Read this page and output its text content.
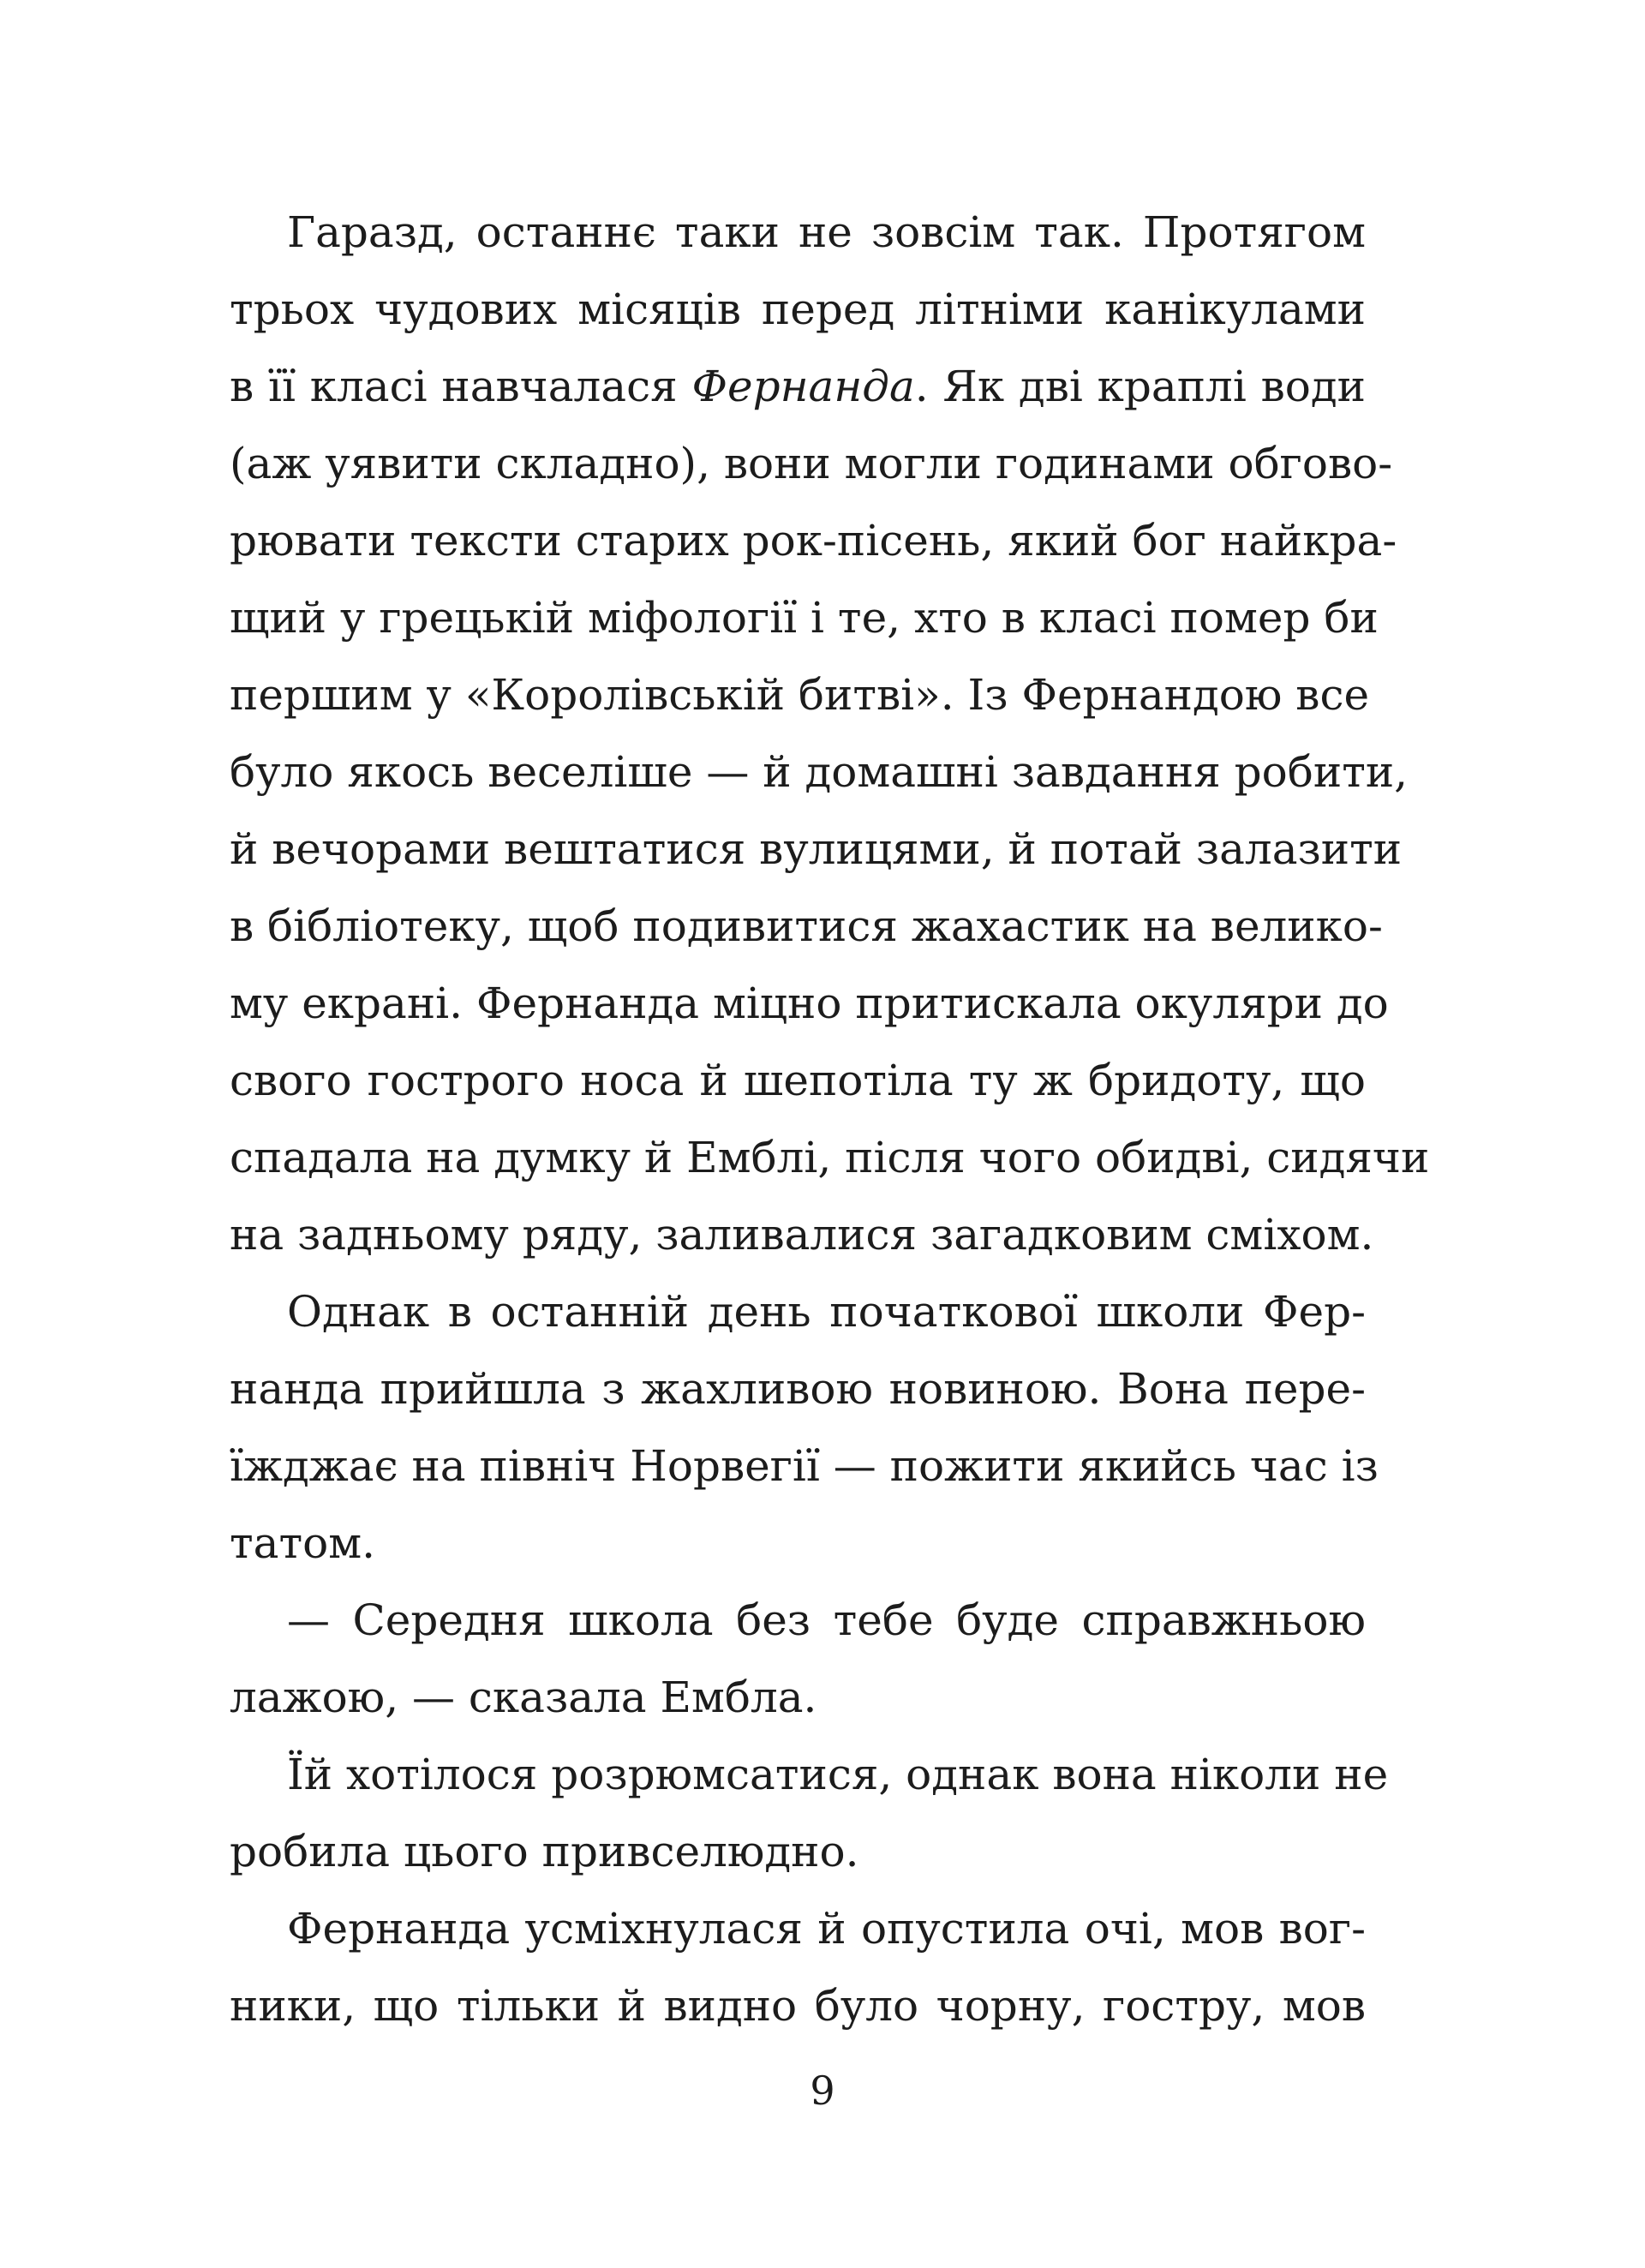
Гаразд, останнє таки не зовсім так. Протягом
трьох чудових місяців перед літніми канікулами
в її класі навчалася Фернанда. Як дві краплі води
(аж уявити складно), вони могли годинами обгово-
рювати тексти старих рок-пісень, який бог найкра-
щий у грецькій міфології і те, хто в класі помер би
першим у «Королівській битві». Із Фернандою все
було якось веселіше — й домашні завдання робити,
й вечорами вештатися вулицями, й потай залазити
в бібліотеку, щоб подивитися жахастик на велико-
му екрані. Фернанда міцно притискала окуляри до
свого гострого носа й шепотіла ту ж бридоту, що
спадала на думку й Емблі, після чого обидві, сидячи
на задньому ряду, заливалися загадковим сміхом.
Однак в останній день початкової школи Фер-
нанда прийшла з жахливою новиною. Вона пере-
їжджає на північ Норвегії — пожити якийсь час із
татом.
— Середня школа без тебе буде справжньою
лажою, — сказала Ембла.
Їй хотілося розрюмсатися, однак вона ніколи не
робила цього привселюдно.
Фернанда усміхнулася й опустила очі, мов вог-
ники, що тільки й видно було чорну, гостру, мов
9
